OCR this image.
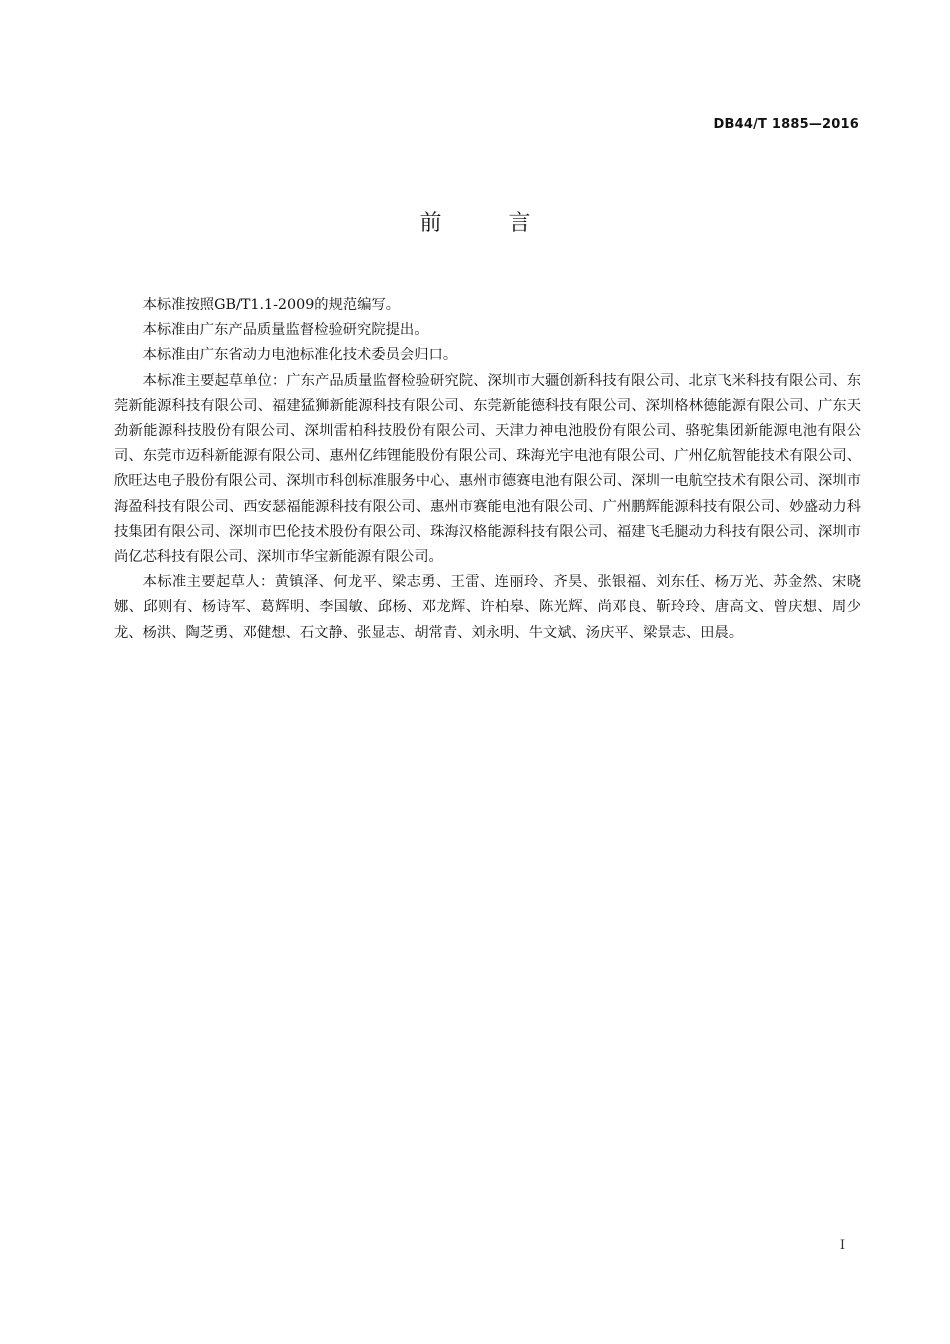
DB44/T 1885—2016
前 言

本标准按照GB/T1.1-2009的规范编写。

本标准由广东产品质量监督检验研究院提出。

本标准由广东省动力电池标准化技术委员会归口。

本标准主要起草单位：广东产品质量监督检验研究院、深圳市大疆创新科技有限公司、北京飞米科技有限公司、东莞新能源科技有限公司、福建猛狮新能源科技有限公司、东莞新能德科技有限公司、深圳格林德能源有限公司、广东天劲新能源科技股份有限公司、深圳雷柏科技股份有限公司、天津力神电池股份有限公司、骆驼集团新能源电池有限公司、东莞市迈科新能源有限公司、惠州亿纬锂能股份有限公司、珠海光宇电池有限公司、广州亿航智能技术有限公司、欣旺达电子股份有限公司、深圳市科创标准服务中心、惠州市德赛电池有限公司、深圳一电航空技术有限公司、深圳市海盈科技有限公司、西安瑟福能源科技有限公司、惠州市赛能电池有限公司、广州鹏辉能源科技有限公司、妙盛动力科技集团有限公司、深圳市巴伦技术股份有限公司、珠海汉格能源科技有限公司、福建飞毛腿动力科技有限公司、深圳市尚亿芯科技有限公司、深圳市华宝新能源有限公司。

本标准主要起草人：黄镇泽、何龙平、梁志勇、王雷、连丽玲、齐昊、张银福、刘东任、杨万光、苏金然、宋晓娜、邱则有、杨诗军、葛辉明、李国敏、邱杨、邓龙辉、许柏皋、陈光辉、尚邓良、靳玲玲、唐高文、曾庆想、周少龙、杨洪、陶芝勇、邓健想、石文静、张显志、胡常青、刘永明、牛文斌、汤庆平、梁景志、田晨。

I
